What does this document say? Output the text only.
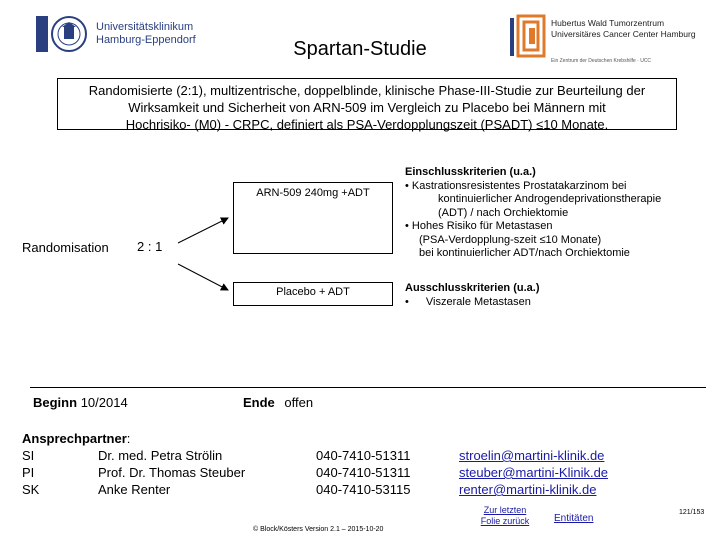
Universitätsklinikum
Hamburg-Eppendorf
Hubertus Wald Tumorzentrum
Universitäres Cancer Center Hamburg
Ein Zentrum der Deutschen Krebshilfe · UCC
Spartan-Studie
Randomisierte (2:1), multizentrische, doppelblinde, klinische Phase-III-Studie zur Beurteilung der
Wirksamkeit und Sicherheit von ARN-509 im Vergleich zu Placebo bei Männern mit
Hochrisiko- (M0) - CRPC, definiert als PSA-Verdopplungszeit (PSADT) ≤10 Monate.
Randomisation 2 : 1
ARN-509 240mg +ADT
Placebo + ADT
Einschlusskriterien (u.a.)
• Kastrationsresistentes Prostatakarzinom bei
kontinuierlicher Androgendeprivationstherapie
(ADT) / nach Orchiektomie
• Hohes Risiko für Metastasen
(PSA-Verdopplung-szeit ≤10 Monate)
bei kontinuierlicher ADT/nach Orchiektomie
Ausschlusskriterien (u.a.)
• Viszerale Metastasen
Beginn 10/2014	Ende offen
Ansprechpartner:
SI	Dr. med. Petra Strölin	040-7410-51311	stroelin@martini-klinik.de
PI	Prof. Dr. Thomas Steuber	040-7410-51311	steuber@martini-Klinik.de
SK	Anke Renter	040-7410-53115	renter@martini-klinik.de
© Block/Kösters Version 2.1 – 2015-10-20
Zur letzten
Folie zurück	Entitäten
121/153
